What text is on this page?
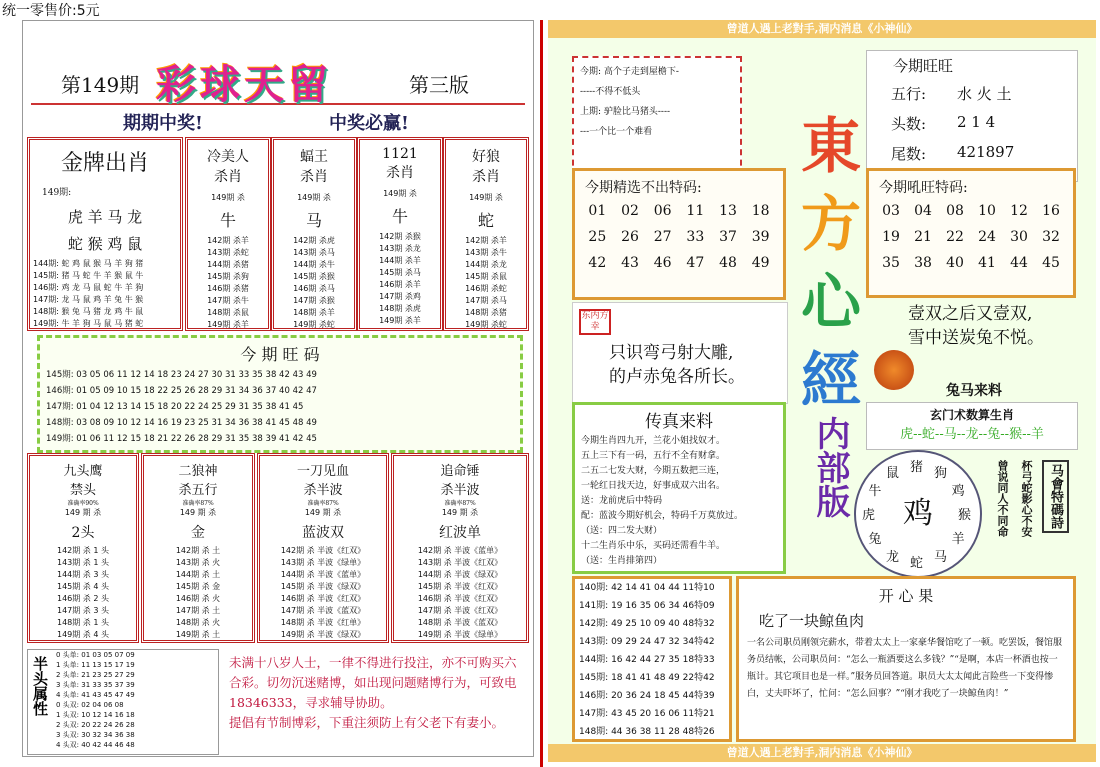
统一零售价:5元
第149期 彩球天留	第三版
期期中奖!	中奖必赢!
金牌出肖
149期:
虎 羊 马 龙
蛇 猴 鸡 鼠
144期: 蛇 鸡 鼠 猴 马 羊 狗 猪
145期: 猪 马 蛇 牛 羊 猴 鼠 牛
146期: 鸡 龙 马 鼠 蛇 牛 羊 狗
147期: 龙 马 鼠 鸡 羊 兔 牛 猴
148期: 猴 兔 马 猪 龙 鸡 牛 鼠
149期: 牛 羊 狗 马 鼠 马 猪 蛇
冷美人
杀肖
149期 杀
牛
142期 杀羊
143期 杀蛇
144期 杀猪
145期 杀狗
146期 杀猪
147期 杀牛
148期 杀鼠
149期 杀羊
蝠王
杀肖
149期 杀
马
142期 杀虎
143期 杀马
144期 杀牛
145期 杀猴
146期 杀马
147期 杀猴
148期 杀羊
149期 杀蛇
1121
杀肖
149期 杀
牛
142期 杀猴
143期 杀龙
144期 杀羊
145期 杀马
146期 杀羊
147期 杀鸡
148期 杀虎
149期 杀羊
好狼
杀肖
149期 杀
蛇
142期 杀羊
143期 杀牛
144期 杀龙
145期 杀鼠
146期 杀蛇
147期 杀马
148期 杀猪
149期 杀蛇
今 期 旺 码
145期: 03 05 06 11 12 14 18 23 24 27 30 31 33 35 38 42 43 49
146期: 01 05 09 10 15 18 22 25 26 28 29 31 34 36 37 40 42 47
147期: 01 04 12 13 14 15 18 20 22 24 25 29 31 35 38 41 45
148期: 03 08 09 10 12 14 16 19 23 25 31 34 36 38 41 45 48 49
149期: 01 06 11 12 15 18 21 22 26 28 29 31 35 38 39 41 42 45
九头鹰
禁头
准确率90%
149 期 杀
2头
142期 杀 1 头
143期 杀 1 头
144期 杀 3 头
145期 杀 4 头
146期 杀 2 头
147期 杀 3 头
148期 杀 1 头
149期 杀 4 头
二狼神
杀五行
准确率87%
149 期 杀
金
142期 杀 土
143期 杀 火
144期 杀 土
145期 杀 金
146期 杀 火
147期 杀 土
148期 杀 火
149期 杀 土
一刀见血
杀半波
准确率87%
149 期 杀
蓝波双
142期 杀 半波《红双》
143期 杀 半波《绿单》
144期 杀 半波《蓝单》
145期 杀 半波《绿双》
146期 杀 半波《红双》
147期 杀 半波《蓝双》
148期 杀 半波《红单》
149期 杀 半波《绿双》
追命锤
杀半波
准确率87%
149 期 杀
红波单
142期 杀 半波《蓝单》
143期 杀 半波《红双》
144期 杀 半波《绿双》
145期 杀 半波《红双》
146期 杀 半波《红双》
147期 杀 半波《红双》
148期 杀 半波《蓝双》
149期 杀 半波《绿单》
半头属性
0 头单: 01 03 05 07 09
1 头单: 11 13 15 17 19
2 头单: 21 23 25 27 29
3 头单: 31 33 35 37 39
4 头单: 41 43 45 47 49
0 头双: 02 04 06 08
1 头双: 10 12 14 16 18
2 头双: 20 22 24 26 28
3 头双: 30 32 34 36 38
4 头双: 40 42 44 46 48
未满十八岁人士，一律不得进行投注，亦不可购买六合彩。切勿沉迷赌博，如出现问题赌博行为，可致电18346333，寻求辅导协助。
提倡有节制博彩，下重注须防上有父老下有妻小。
曾道人遇上老對手,洞内消息《小神仙》
曾道人遇上老對手,洞内消息《小神仙》
今期: 高个子走到屋檐下-
-----不得不低头
上期: 驴脸比马猪头----
---一个比一个难看	東
方
心
經
内部版
今期旺旺
五行: 水 火 土
头数: 2 1 4
尾数: 421897
今期精选不出特码:
01	02	06	11	13	18
25	26	27	33	37	39
42	43	46	47	48	49
今期吼旺特码:
03	04	08	10	12	16
19	21	22	24	30	32
35	38	40	41	44	45
壹双之后又壹双,
雪中送炭兔不悦。
东内方幸
只识弯弓射大雕,
的卢赤兔各所长。
兔马来料
玄门术数算生肖
虎--蛇--马--龙--兔--猴--羊
传真来料
今期生肖四九开，兰花小姐找奴才。
五上三下有一码，五行不全有财拿。
二五二七发大财，今期五数把三连，
一轮红日找天边，好事成双六出名。
送：龙前虎后中特码
配：蓝波今期好机会，特码千万莫放过。
（送：四二发大财）
十二生肖乐中乐，买码还需看牛羊。
（送：生肖排第四）
鸡
猪 狗
鸡
猴
羊
马
蛇
龙
兔
虎
牛
鼠	曾说同人不同命 杯弓蛇影心不安	马會特碼詩
140期: 42 14 41 04 44 11特10
141期: 19 16 35 06 34 46特09
142期: 49 25 10 09 40 48特32
143期: 09 29 24 47 32 34特42
144期: 16 42 44 27 35 18特33
145期: 18 41 41 48 49 22特42
146期: 20 36 24 18 45 44特39
147期: 43 45 20 16 06 11特21
148期: 44 36 38 11 28 48特26
开 心 果
吃了一块鲸鱼肉
一名公司职员刚领完薪水，带着太太上一家豪华餐馆吃了一顿。吃罢饭，餐馆服务员结帐，公司职员问：“怎么一瓶酒要这么多钱？”“是啊，本店一杯酒也按一瓶计。其它项目也是一样。”服务员回答道。职员大太太闻此言险些一下变得惨白，丈夫吓坏了，忙问：“怎么回事？”“刚才我吃了一块鲸鱼肉！”
